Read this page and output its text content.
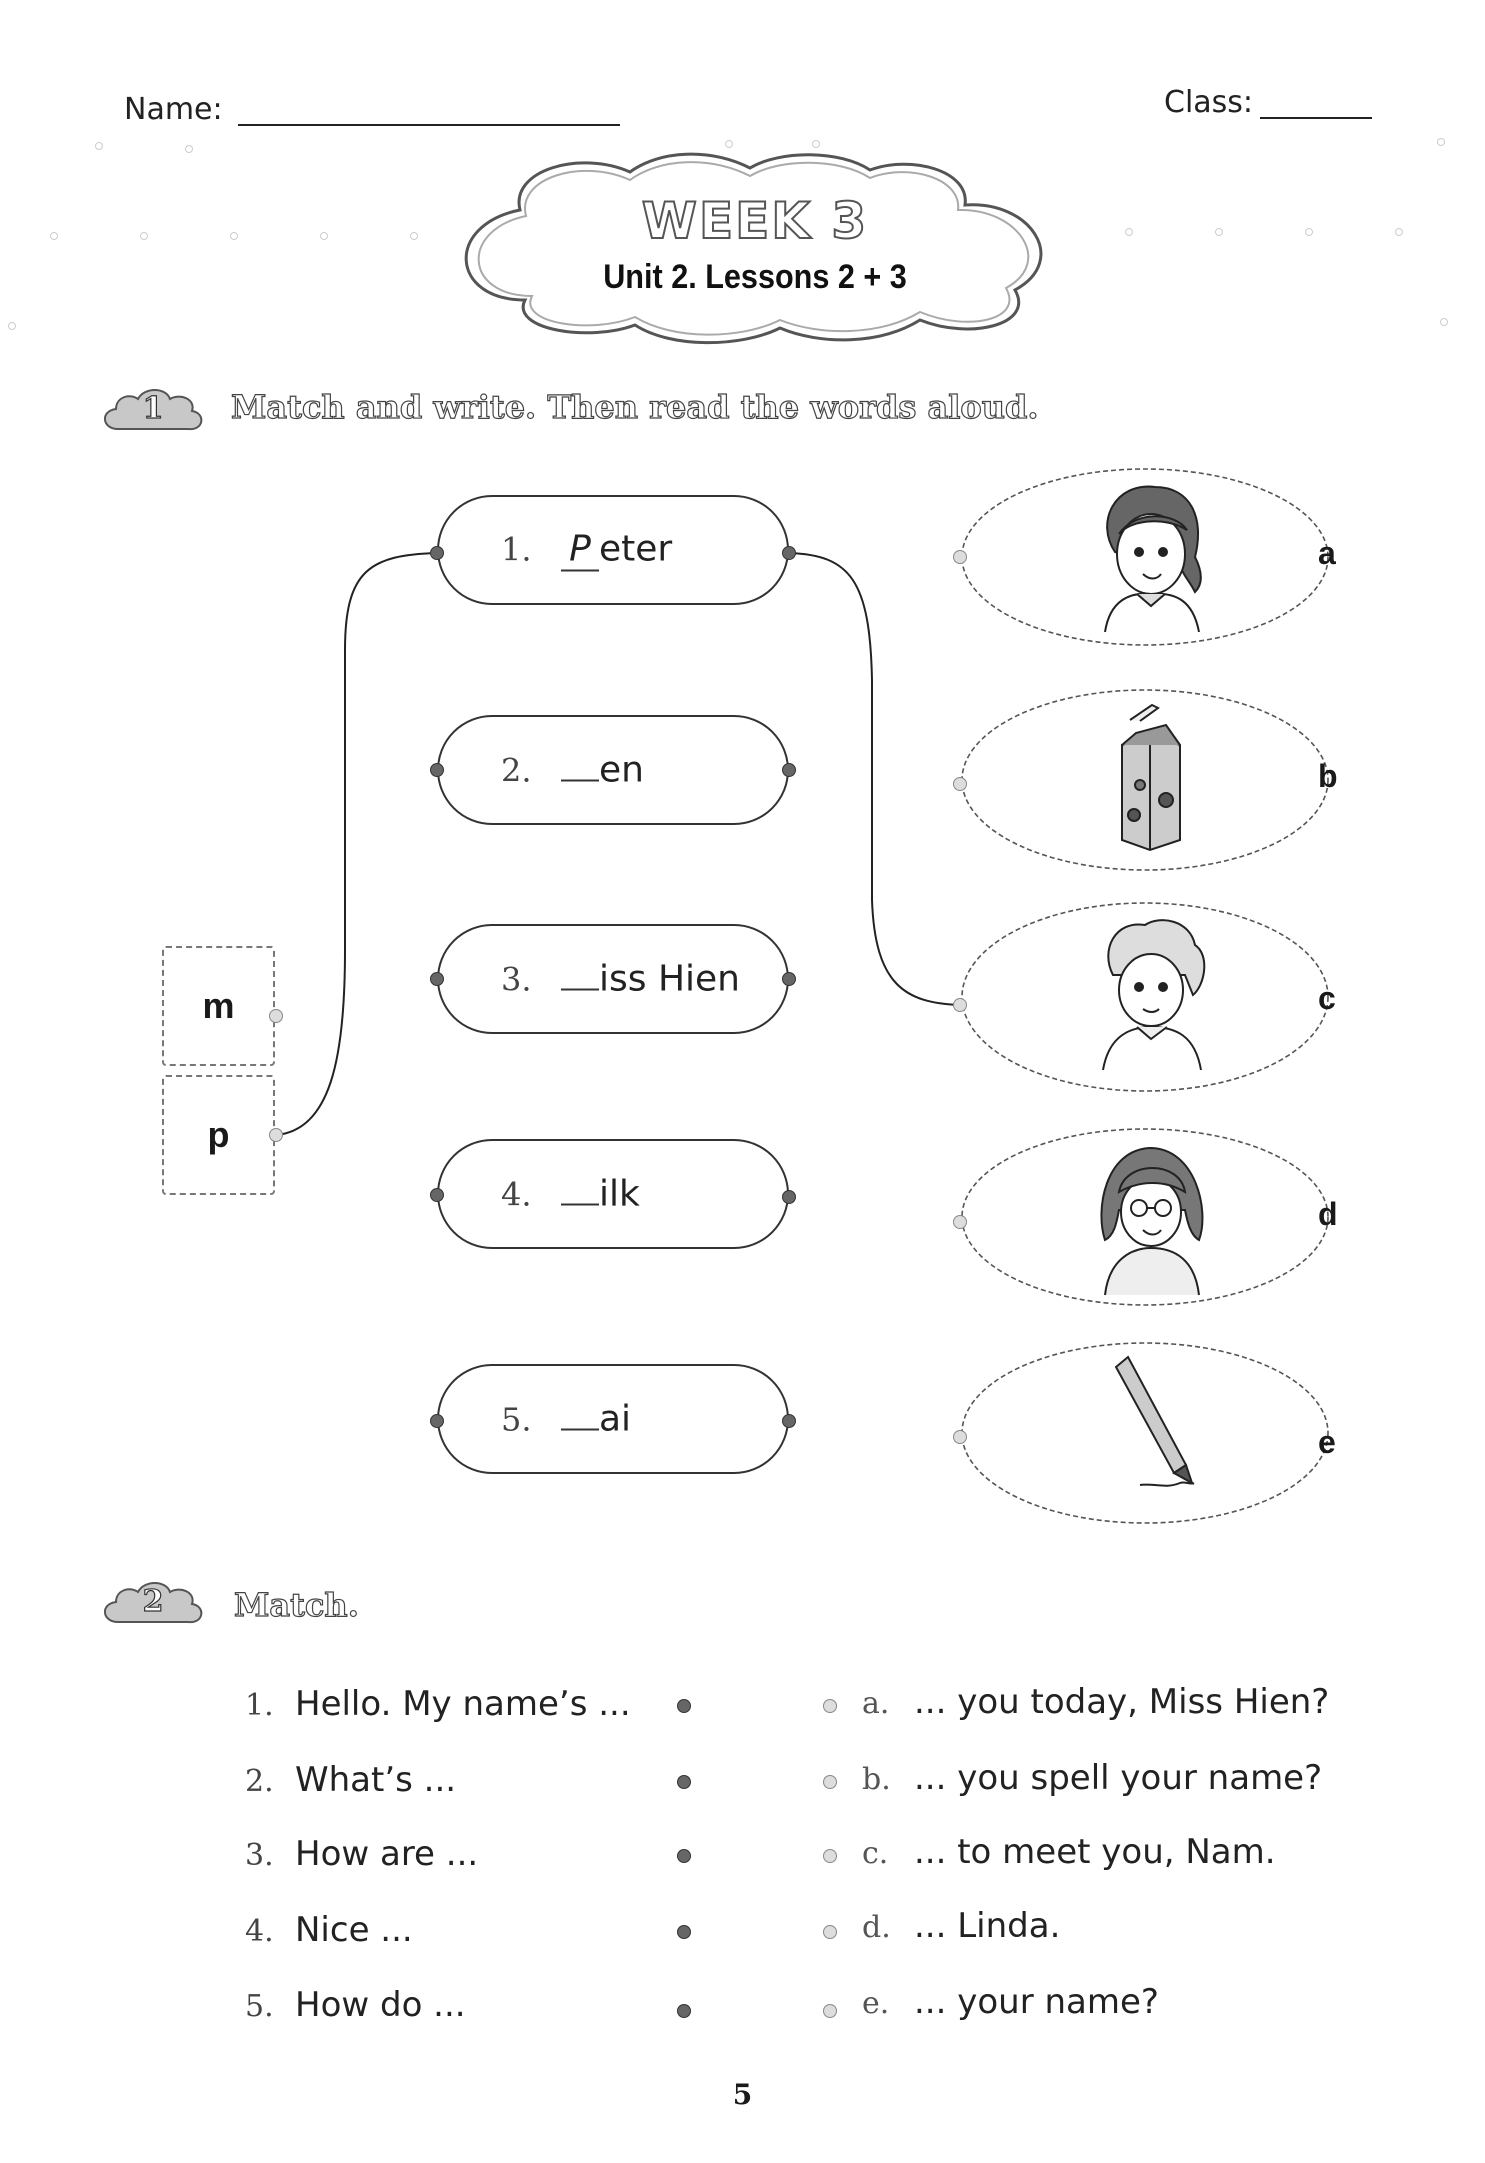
Name:	Class:
WEEK 3
Unit 2. Lessons 2 + 3
1	Match and write. Then read the words aloud.
m
p
1. P eter
2. en
3. iss Hien
4. ilk
5. ai
a
b
c
d
e
2	Match.
1. Hello. My name’s ...
2. What’s ...
3. How are ...
4. Nice ...
5. How do ...
a. ... you today, Miss Hien?
b. ... you spell your name?
c. ... to meet you, Nam.
d. ... Linda.
e. ... your name?
5
